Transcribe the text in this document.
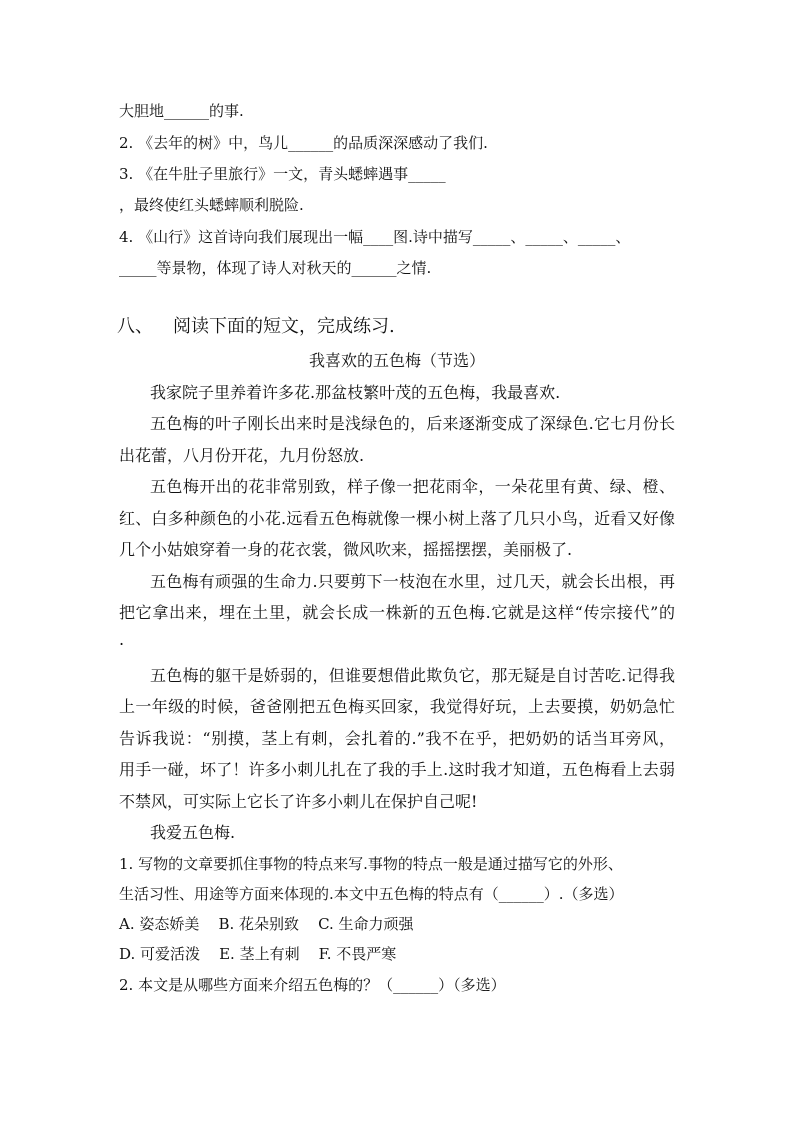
大胆地______的事.
2. 《去年的树》中，鸟儿______的品质深深感动了我们.
3. 《在牛肚子里旅行》一文，青头蟋蟀遇事_____
，最终使红头蟋蟀顺利脱险.
4. 《山行》这首诗向我们展现出一幅____图.诗中描写_____、_____、_____、
_____等景物，体现了诗人对秋天的______之情.
八、 阅读下面的短文，完成练习.
我喜欢的五色梅（节选）
我家院子里养着许多花.那盆枝繁叶茂的五色梅，我最喜欢.
五色梅的叶子刚长出来时是浅绿色的，后来逐渐变成了深绿色.它七月份长
出花蕾，八月份开花，九月份怒放.
五色梅开出的花非常别致，样子像一把花雨伞，一朵花里有黄、绿、橙、
红、白多种颜色的小花.远看五色梅就像一棵小树上落了几只小鸟，近看又好像
几个小姑娘穿着一身的花衣裳，微风吹来，摇摇摆摆，美丽极了.
五色梅有顽强的生命力.只要剪下一枝泡在水里，过几天，就会长出根，再
把它拿出来，埋在土里，就会长成一株新的五色梅.它就是这样“传宗接代”的
.
五色梅的躯干是娇弱的，但谁要想借此欺负它，那无疑是自讨苦吃.记得我
上一年级的时候，爸爸刚把五色梅买回家，我觉得好玩，上去要摸，奶奶急忙
告诉我说：“别摸，茎上有刺，会扎着的.”我不在乎，把奶奶的话当耳旁风，
用手一碰，坏了！许多小刺儿扎在了我的手上.这时我才知道，五色梅看上去弱
不禁风，可实际上它长了许多小刺儿在保护自己呢!
我爱五色梅.
1. 写物的文章要抓住事物的特点来写.事物的特点一般是通过描写它的外形、
生活习性、用途等方面来体现的.本文中五色梅的特点有（______）.（多选）
A. 姿态娇美    B. 花朵别致    C. 生命力顽强
D. 可爱活泼    E. 茎上有刺    F. 不畏严寒
2. 本文是从哪些方面来介绍五色梅的？（______）（多选）
